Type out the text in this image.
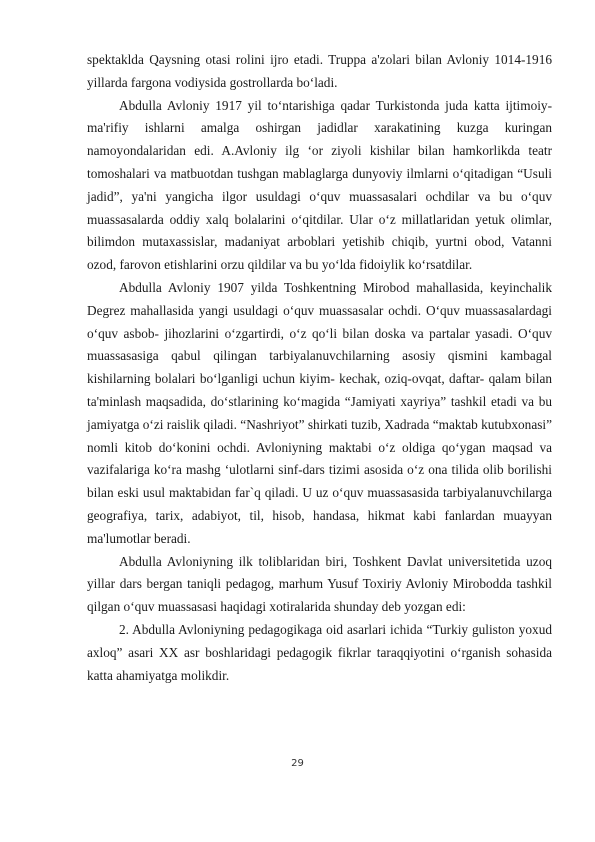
spektaklda Qaysning otasi rolini ijro etadi. Truppa a'zolari bilan Avloniy 1014-1916 yillarda fargona vodiysida gostrollarda bo‘ladi.

Abdulla Avloniy 1917 yil to‘ntarishiga qadar Turkistonda juda katta ijtimoiy- ma'rifiy ishlarni amalga oshirgan jadidlar xarakatining kuzga kuringan namoyondalaridan edi. A.Avloniy ilg ‘or ziyoli kishilar bilan hamkorlikda teatr tomoshalari va matbuotdan tushgan mablaglarga dunyoviy ilmlarni o‘qitadigan “Usuli jadid”, ya'ni yangicha ilgor usuldagi o‘quv muassasalari ochdilar va bu o‘quv muassasalarda oddiy xalq bolalarini o‘qitdilar. Ular o‘z millatlaridan yetuk olimlar, bilimdon mutaxassislar, madaniyat arboblari yetishib chiqib, yurtni obod, Vatanni ozod, farovon etishlarini orzu qildilar va bu yo‘lda fidoiylik ko‘rsatdilar.

Abdulla Avloniy 1907 yilda Toshkentning Mirobod mahallasida, keyinchalik Degrez mahallasida yangi usuldagi o‘quv muassasalar ochdi. O‘quv muassasalardagi o‘quv asbob- jihozlarini o‘zgartirdi, o‘z qo‘li bilan doska va partalar yasadi. O‘quv muassasasiga qabul qilingan tarbiyalanuvchilarning asosiy qismini kambagal kishilarning bolalari bo‘lganligi uchun kiyim- kechak, oziq-ovqat, daftar- qalam bilan ta'minlash maqsadida, do‘stlarining ko‘magida “Jamiyati xayriya” tashkil etadi va bu jamiyatga o‘zi raislik qiladi. “Nashriyot” shirkati tuzib, Xadrada “maktab kutubxonasi” nomli kitob do‘konini ochdi. Avloniyning maktabi o‘z oldiga qo‘ygan maqsad va vazifalariga ko‘ra mashg ‘ulotlarni sinf-dars tizimi asosida o‘z ona tilida olib borilishi bilan eski usul maktabidan far`q qiladi. U uz o‘quv muassasasida tarbiyalanuvchilarga geografiya, tarix, adabiyot, til, hisob, handasa, hikmat kabi fanlardan muayyan ma'lumotlar beradi.

Abdulla Avloniyning ilk toliblaridan biri, Toshkent Davlat universitetida uzoq yillar dars bergan taniqli pedagog, marhum Yusuf Toxiriy Avloniy Mirobodda tashkil qilgan o‘quv muassasasi haqidagi xotiralarida shunday deb yozgan edi:

2. Abdulla Avloniyning pedagogikaga oid asarlari ichida “Turkiy guliston yoxud axloq” asari XX asr boshlaridagi pedagogik fikrlar taraqqiyotini o‘rganish sohasida katta ahamiyatga molikdir.

29
